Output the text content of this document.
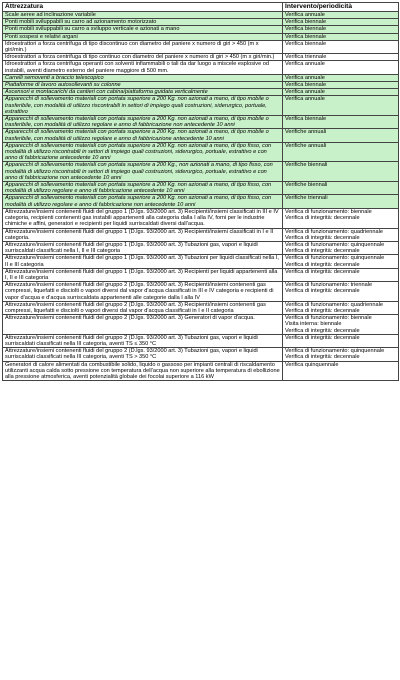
Attrezzatura	Intervento/periodicità
Scale aeree ad inclinazione variabile	Verifica annuale

Ponti mobili sviluppabili su carro ad azionamento motorizzato	Verifica biennale

Ponti mobili sviluppabili su carro a sviluppo verticale e azionati a mano	Verifica biennale

Ponti sospesi e relativi argani	Verifica biennale

Idroestrattori a forza centrifuga di tipo discontinuo con diametro del paniere x numero di giri > 450 (m x giri/min.)	Verifica biennale

Idroestrattori a forza centrifuga di tipo continuo con diametro del paniere x numero di giri > 450 (m x giri/min.)	Verifica triennale

Idroestrattori a forza centrifuga operanti con solventi infiammabili o tali da dar luogo a miscele esplosive od instabili, aventi diametro esterno del paniere maggiore di 500 mm.	Verifica annuale

Carrelli semoventi a braccio telescopico	Verifica annuale

Piattaforme di lavoro autosollevanti su colonne	Verifica biennale

Ascensori e montacarichi da cantieri con cabina/piattaforma guidata verticalmente	Verifica annuale

Apparecchi di sollevamento materiali con portata superiore a 200 Kg. non azionati a mano, di tipo mobile o trasferibile, con modalità di utilizzo riscontrabili in settori di impiego quali costruzioni, siderurgico, portuale, estrattivo	Verifica annuale

Apparecchi di sollevamento materiali con portata superiore a 200 Kg. non azionati a mano, di tipo mobile o trasferibile, con modalità di utilizzo regolare e anno di fabbricazione non antecedente 10 anni	Verifica biennale

Apparecchi di sollevamento materiali con portata superiore a 200 Kg. non azionati a mano, di tipo mobile o trasferibile, con modalità di utilizzo regolare e anno di fabbricazione antecedente 10 anni	Verifiche annuali

Apparecchi di sollevamento materiali con portata superiore a 200 Kg. non azionati a mano, di tipo fisso, con modalità di utilizzo riscontrabili in settori di impiego quali costruzioni, siderurgico, portuale, estrattivo e con anno di fabbricazione antecedente 10 anni	Verifiche annuali

Apparecchi di sollevamento materiali con portata superiore a 200 Kg., non azionati a mano, di tipo fisso, con modalità di utilizzo riscontrabili in settori di impiego quali costruzioni, siderurgico, portuale, estrattivo e con anno di fabbricazione non antecedente 10 anni	Verifiche biennali

Apparecchi di sollevamento materiali con portata superiore a 200 Kg. non azionati a mano, di tipo fisso, con modalità di utilizzo regolare e anno di fabbricazione antecedente 10 anni	Verifiche biennali

Apparecchi di sollevamento materiali con portata superiore a 200 Kg. non azionati a mano, di tipo fisso, con modalità di utilizzo regolare e anno di fabbricazione non antecedente 10 anni	Verifiche triennali

Attrezzature/insiemi contenenti fluidi del gruppo 1 (D.lgs. 93/2000 art. 3) Recipienti/insiemi classificati in III e IV categoria, recipienti contenenti gas instabili appartenenti alla categoria dalla I alla IV, forni per le industrie chimiche e affini, generatori e recipienti per liquidi surriscaldati diversi dall'acqua.	Verifica di funzionamento: biennale
Verifica di integrità: decennale

Attrezzature/insiemi contenenti fluidi del gruppo 1 (D.lgs. 93/2000 art. 3) Recipienti/insiemi classificati in I e II categoria.	Verifica di funzionamento: quadriennale
Verifica di integrità: decennale

Attrezzature/insiemi contenenti fluidi del gruppo 1 (D.lgs. 93/2000 art. 3) Tubazioni gas, vapori e liquidi surriscaldati classificati nella I, II e III categoria	Verifica di funzionamento: quinquennale
Verifica di integrità: decennale

Attrezzature/insiemi contenenti fluidi del gruppo 1 (D.lgs. 93/2000 art. 3) Tubazioni per liquidi classificati nella I, II e III categoria	Verifica di funzionamento: quinquennale
Verifica di integrità: decennale

Attrezzature/insiemi contenenti fluidi del gruppo 1 (D.lgs. 93/2000 art. 3) Recipienti per liquidi appartenenti alla I, II e III categoria	Verifica di integrità: decennale

Attrezzature/insiemi contenenti fluidi del gruppo 2 (D.lgs. 93/2000 art. 3) Recipienti/insiemi contenenti gas compressi, liquefatti e disciolti o vapori diversi dal vapor d'acqua classificati in III e IV categoria e recipienti di vapor d'acqua e d'acqua surriscaldata appartenenti alle categorie dalla I alla IV	Verifica di funzionamento: triennale
Verifica di integrità: decennale

Attrezzature/insiemi contenenti fluidi del gruppo 2 (D.lgs. 93/2000 art. 3) Recipienti/insiemi contenenti gas compressi, liquefatti e disciolti o vapori diversi dal vapor d'acqua classificati in I e II categoria	Verifica di funzionamento: quadriennale
Verifica di integrità: decennale

Attrezzature/insiemi contenenti fluidi del gruppo 2 (D.lgs. 93/2000 art. 3) Generatori di vapor d'acqua.	Verifica di funzionamento: biennale
Visita interna: biennale
Verifica di integrità: decennale

Attrezzature/insiemi contenenti fluidi del gruppo 2 (D.lgs. 93/2000 art. 3) Tubazioni gas, vapori e liquidi surriscaldati classificati nella III categoria, aventi TS ≤ 350 °C	Verifica di integrità: decennale

Attrezzature/insiemi contenenti fluidi del gruppo 2 (D.lgs. 93/2000 art. 3) Tubazioni gas, vapori e liquidi surriscaldati classificati nella III categoria, aventi TS > 350 °C	Verifica di funzionamento: quinquennale
Verifica di integrità: decennale

Generatori di calore alimentati da combustibile solido, liquido o gassoso per impianti centrali di riscaldamento utilizzanti acqua calda sotto pressione con temperatura dell'acqua non superiore alla temperatura di ebollizione alla pressione atmosferica, aventi potenzialità globale dei focolai superiore a 116 kW	Verifica quinquennale
